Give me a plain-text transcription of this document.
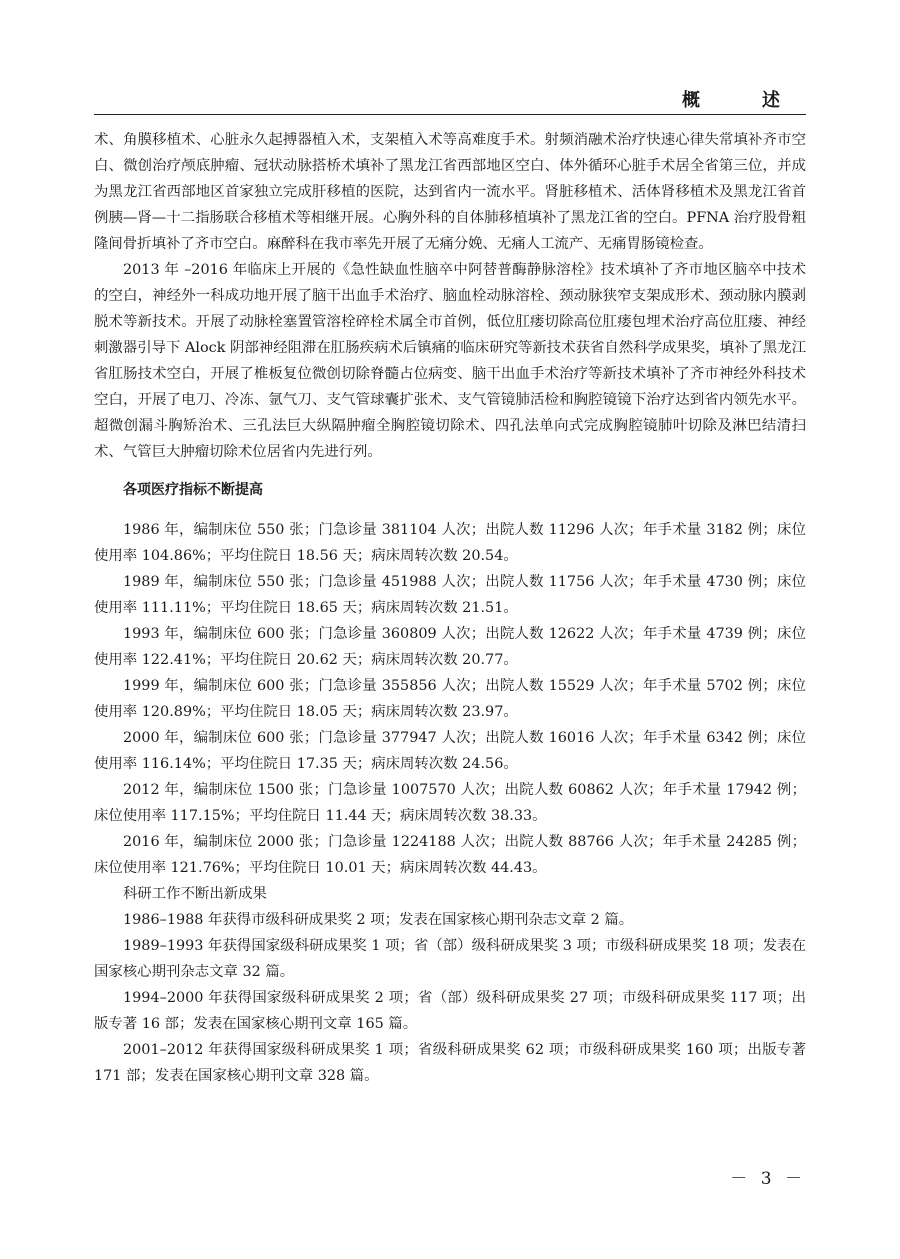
概　述

术、角膜移植术、心脏永久起搏器植入术，支架植入术等高难度手术。射频消融术治疗快速心律失常填补齐市空白、微创治疗颅底肿瘤、冠状动脉搭桥术填补了黑龙江省西部地区空白、体外循环心脏手术居全省第三位，并成为黑龙江省西部地区首家独立完成肝移植的医院，达到省内一流水平。肾脏移植术、活体肾移植术及黑龙江省首例胰—肾—十二指肠联合移植术等相继开展。心胸外科的自体肺移植填补了黑龙江省的空白。PFNA 治疗股骨粗隆间骨折填补了齐市空白。麻醉科在我市率先开展了无痛分娩、无痛人工流产、无痛胃肠镜检查。

2013 年 –2016 年临床上开展的《急性缺血性脑卒中阿替普酶静脉溶栓》技术填补了齐市地区脑卒中技术的空白，神经外一科成功地开展了脑干出血手术治疗、脑血栓动脉溶栓、颈动脉狭窄支架成形术、颈动脉内膜剥脱术等新技术。开展了动脉栓塞置管溶栓碎栓术属全市首例，低位肛瘘切除高位肛瘘包埋术治疗高位肛瘘、神经刺激器引导下 Alock 阴部神经阻滞在肛肠疾病术后镇痛的临床研究等新技术获省自然科学成果奖，填补了黑龙江省肛肠技术空白，开展了椎板复位微创切除脊髓占位病变、脑干出血手术治疗等新技术填补了齐市神经外科技术空白，开展了电刀、冷冻、氩气刀、支气管球囊扩张术、支气管镜肺活检和胸腔镜镜下治疗达到省内领先水平。超微创漏斗胸矫治术、三孔法巨大纵隔肿瘤全胸腔镜切除术、四孔法单向式完成胸腔镜肺叶切除及淋巴结清扫术、气管巨大肿瘤切除术位居省内先进行列。

各项医疗指标不断提高

1986 年，编制床位 550 张；门急诊量 381104 人次；出院人数 11296 人次；年手术量 3182 例；床位使用率 104.86%；平均住院日 18.56 天；病床周转次数 20.54。

1989 年，编制床位 550 张；门急诊量 451988 人次；出院人数 11756 人次；年手术量 4730 例；床位使用率 111.11%；平均住院日 18.65 天；病床周转次数 21.51。

1993 年，编制床位 600 张；门急诊量 360809 人次；出院人数 12622 人次；年手术量 4739 例；床位使用率 122.41%；平均住院日 20.62 天；病床周转次数 20.77。

1999 年，编制床位 600 张；门急诊量 355856 人次；出院人数 15529 人次；年手术量 5702 例；床位使用率 120.89%；平均住院日 18.05 天；病床周转次数 23.97。

2000 年，编制床位 600 张；门急诊量 377947 人次；出院人数 16016 人次；年手术量 6342 例；床位使用率 116.14%；平均住院日 17.35 天；病床周转次数 24.56。

2012 年，编制床位 1500 张；门急诊量 1007570 人次；出院人数 60862 人次；年手术量 17942 例；床位使用率 117.15%；平均住院日 11.44 天；病床周转次数 38.33。

2016 年，编制床位 2000 张；门急诊量 1224188 人次；出院人数 88766 人次；年手术量 24285 例；床位使用率 121.76%；平均住院日 10.01 天；病床周转次数 44.43。

科研工作不断出新成果

1986–1988 年获得市级科研成果奖 2 项；发表在国家核心期刊杂志文章 2 篇。

1989–1993 年获得国家级科研成果奖 1 项；省（部）级科研成果奖 3 项；市级科研成果奖 18 项；发表在国家核心期刊杂志文章 32 篇。

1994–2000 年获得国家级科研成果奖 2 项；省（部）级科研成果奖 27 项；市级科研成果奖 117 项；出版专著 16 部；发表在国家核心期刊文章 165 篇。

2001–2012 年获得国家级科研成果奖 1 项；省级科研成果奖 62 项；市级科研成果奖 160 项；出版专著 171 部；发表在国家核心期刊文章 328 篇。

－ 3 －
